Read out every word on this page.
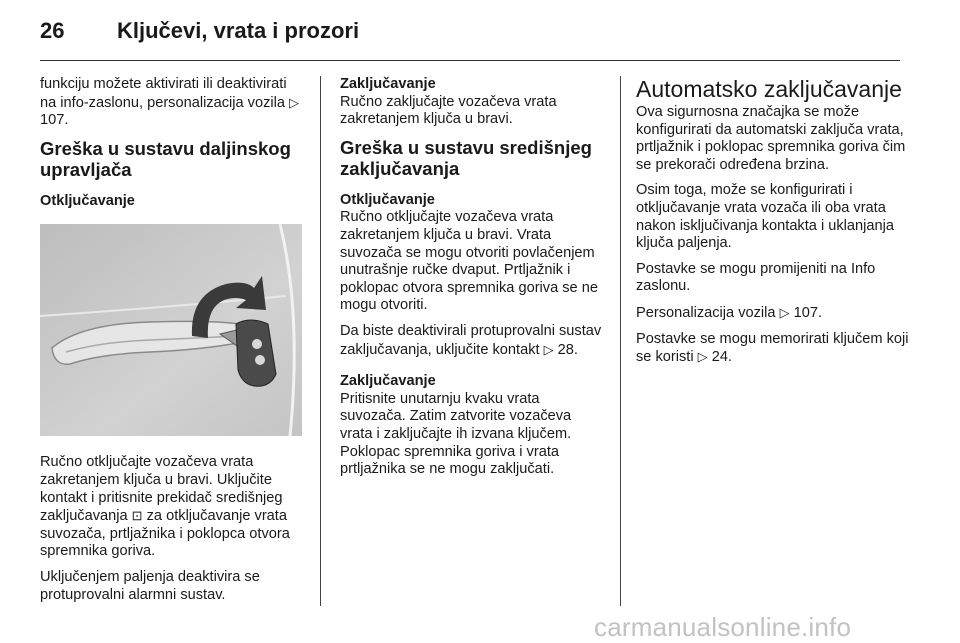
26 Ključevi, vrata i prozori

funkciju možete aktivirati ili deaktivirati na info-zaslonu, personalizacija vozila ▷ 107.

Greška u sustavu daljinskog upravljača

Otključavanje

Ručno otključajte vozačeva vrata zakretanjem ključa u bravi. Uključite kontakt i pritisnite prekidač središnjeg zaključavanja ⊡ za otključavanje vrata suvozača, prtljažnika i poklopca otvora spremnika goriva.

Uključenjem paljenja deaktivira se protuprovalni alarmni sustav.

Zaključavanje

Ručno zaključajte vozačeva vrata zakretanjem ključa u bravi.

Greška u sustavu središnjeg zaključavanja

Otključavanje

Ručno otključajte vozačeva vrata zakretanjem ključa u bravi. Vrata suvozača se mogu otvoriti povlačenjem unutrašnje ručke dvaput. Prtljažnik i poklopac otvora spremnika goriva se ne mogu otvoriti.

Da biste deaktivirali protuprovalni sustav zaključavanja, uključite kontakt ▷ 28.

Zaključavanje

Pritisnite unutarnju kvaku vrata suvozača. Zatim zatvorite vozačeva vrata i zaključajte ih izvana ključem. Poklopac spremnika goriva i vrata prtljažnika se ne mogu zaključati.

Automatsko zaključavanje

Ova sigurnosna značajka se može konfigurirati da automatski zaključa vrata, prtljažnik i poklopac spremnika goriva čim se prekorači određena brzina.

Osim toga, može se konfigurirati i otključavanje vrata vozača ili oba vrata nakon isključivanja kontakta i uklanjanja ključa paljenja.

Postavke se mogu promijeniti na Info zaslonu.

Personalizacija vozila ▷ 107.

Postavke se mogu memorirati ključem koji se koristi ▷ 24.

carmanualsonline.info
